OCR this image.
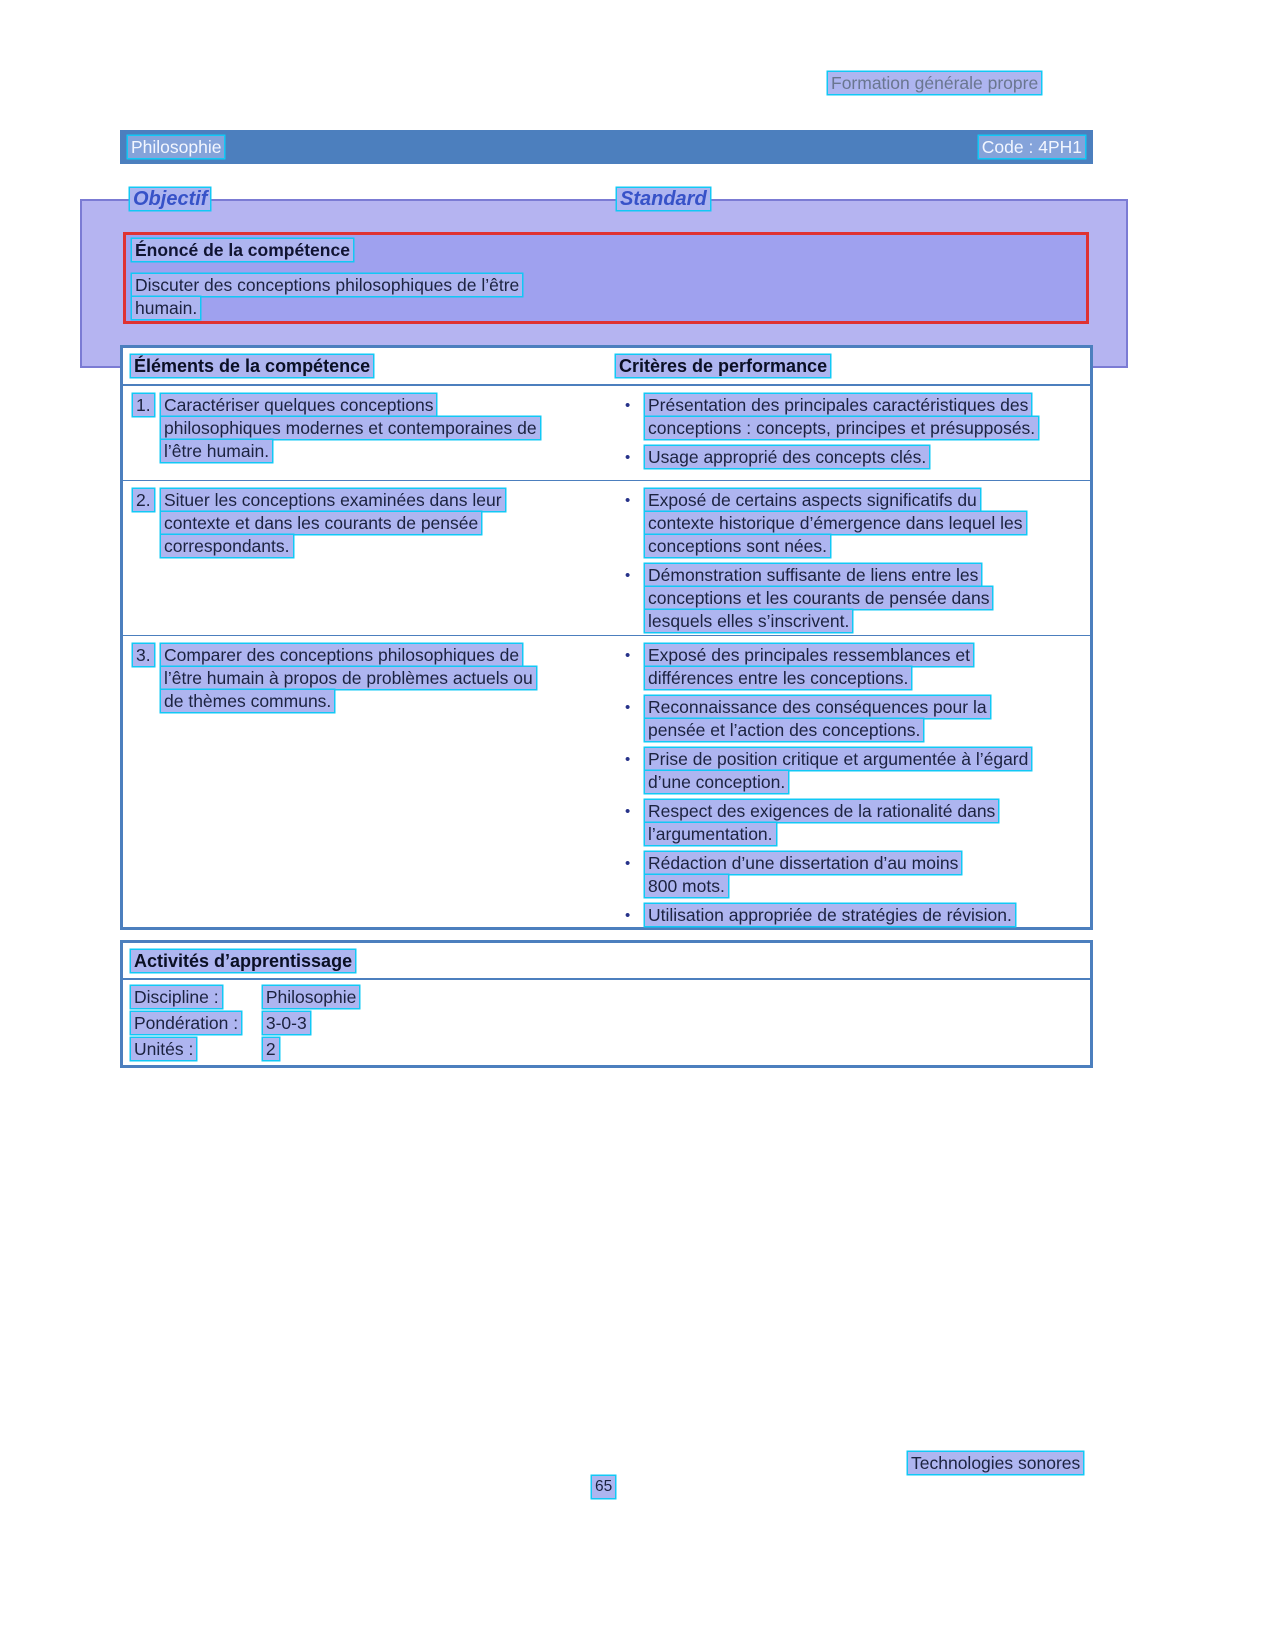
Formation générale propre
Philosophie	Code : 4PH1
Objectif	Standard
Énoncé de la compétence
Discuter des conceptions philosophiques de l’être
humain.
Éléments de la compétence	Critères de performance
1. Caractériser quelques conceptions
philosophiques modernes et contemporaines de
l’être humain.
•	Présentation des principales caractéristiques des
conceptions : concepts, principes et présupposés.
•	Usage approprié des concepts clés.
2. Situer les conceptions examinées dans leur
contexte et dans les courants de pensée
correspondants.
•	Exposé de certains aspects significatifs du
contexte historique d’émergence dans lequel les
conceptions sont nées.
•	Démonstration suffisante de liens entre les
conceptions et les courants de pensée dans
lesquels elles s’inscrivent.
3. Comparer des conceptions philosophiques de
l’être humain à propos de problèmes actuels ou
de thèmes communs.
•	Exposé des principales ressemblances et
différences entre les conceptions.
•	Reconnaissance des conséquences pour la
pensée et l’action des conceptions.
•	Prise de position critique et argumentée à l’égard
d’une conception.
•	Respect des exigences de la rationalité dans
l’argumentation.
•	Rédaction d’une dissertation d’au moins
800 mots.
•	Utilisation appropriée de stratégies de révision.
Activités d’apprentissage
Discipline :	Philosophie
Pondération : 3-0-3
Unités :	2
Technologies sonores
65
